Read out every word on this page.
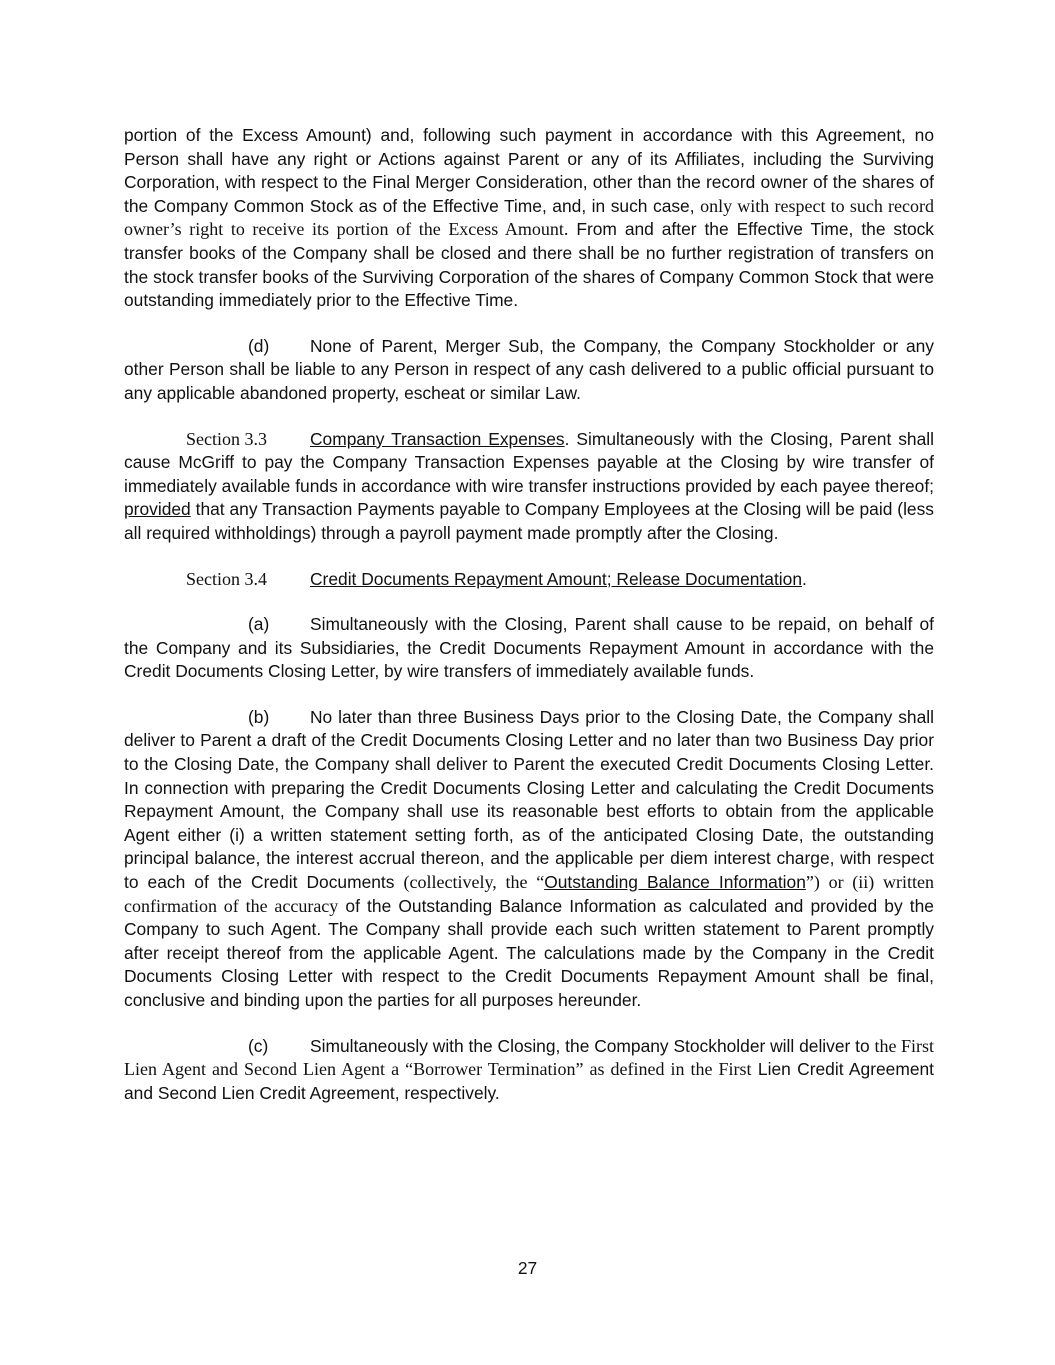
portion of the Excess Amount) and, following such payment in accordance with this Agreement, no Person shall have any right or Actions against Parent or any of its Affiliates, including the Surviving Corporation, with respect to the Final Merger Consideration, other than the record owner of the shares of the Company Common Stock as of the Effective Time, and, in such case, only with respect to such record owner’s right to receive its portion of the Excess Amount. From and after the Effective Time, the stock transfer books of the Company shall be closed and there shall be no further registration of transfers on the stock transfer books of the Surviving Corporation of the shares of Company Common Stock that were outstanding immediately prior to the Effective Time.

(d) None of Parent, Merger Sub, the Company, the Company Stockholder or any other Person shall be liable to any Person in respect of any cash delivered to a public official pursuant to any applicable abandoned property, escheat or similar Law.

Section 3.3 Company Transaction Expenses. Simultaneously with the Closing, Parent shall cause McGriff to pay the Company Transaction Expenses payable at the Closing by wire transfer of immediately available funds in accordance with wire transfer instructions provided by each payee thereof; provided that any Transaction Payments payable to Company Employees at the Closing will be paid (less all required withholdings) through a payroll payment made promptly after the Closing.

Section 3.4 Credit Documents Repayment Amount; Release Documentation.

(a) Simultaneously with the Closing, Parent shall cause to be repaid, on behalf of the Company and its Subsidiaries, the Credit Documents Repayment Amount in accordance with the Credit Documents Closing Letter, by wire transfers of immediately available funds.

(b) No later than three Business Days prior to the Closing Date, the Company shall deliver to Parent a draft of the Credit Documents Closing Letter and no later than two Business Day prior to the Closing Date, the Company shall deliver to Parent the executed Credit Documents Closing Letter. In connection with preparing the Credit Documents Closing Letter and calculating the Credit Documents Repayment Amount, the Company shall use its reasonable best efforts to obtain from the applicable Agent either (i) a written statement setting forth, as of the anticipated Closing Date, the outstanding principal balance, the interest accrual thereon, and the applicable per diem interest charge, with respect to each of the Credit Documents (collectively, the “Outstanding Balance Information”) or (ii) written confirmation of the accuracy of the Outstanding Balance Information as calculated and provided by the Company to such Agent. The Company shall provide each such written statement to Parent promptly after receipt thereof from the applicable Agent. The calculations made by the Company in the Credit Documents Closing Letter with respect to the Credit Documents Repayment Amount shall be final, conclusive and binding upon the parties for all purposes hereunder.

(c) Simultaneously with the Closing, the Company Stockholder will deliver to the First Lien Agent and Second Lien Agent a “Borrower Termination” as defined in the First Lien Credit Agreement and Second Lien Credit Agreement, respectively.

27
